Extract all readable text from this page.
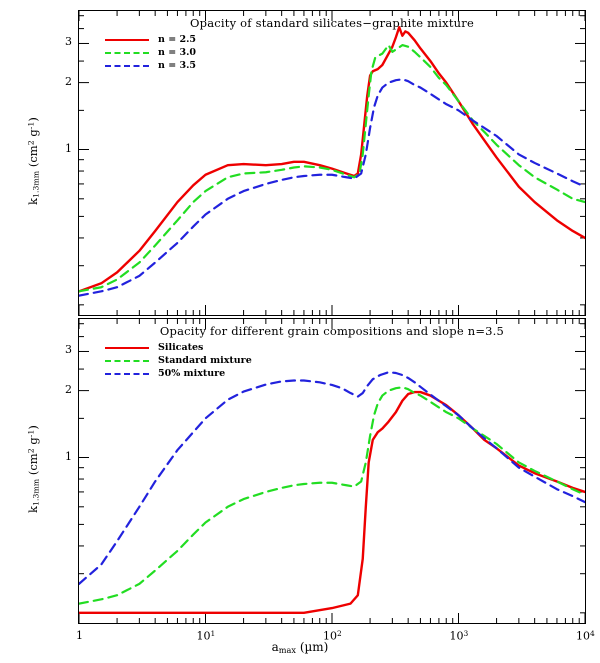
Opacity of standard silicates−graphite mixture
n = 2.5
n = 3.0
n = 3.5
1
2
3
$k_{1.3mm}$ ($cm^2$ $g^{-1}$)
Opacity for different grain compositions and slope n=3.5
Silicates
Standard mixture
50% mixture
1
2
3
$k_{1.3mm}$ ($cm^2$ $g^{-1}$)
1	$10^1$	$10^2$	$10^3$	$10^4$
$a_{max}$ (µm)
